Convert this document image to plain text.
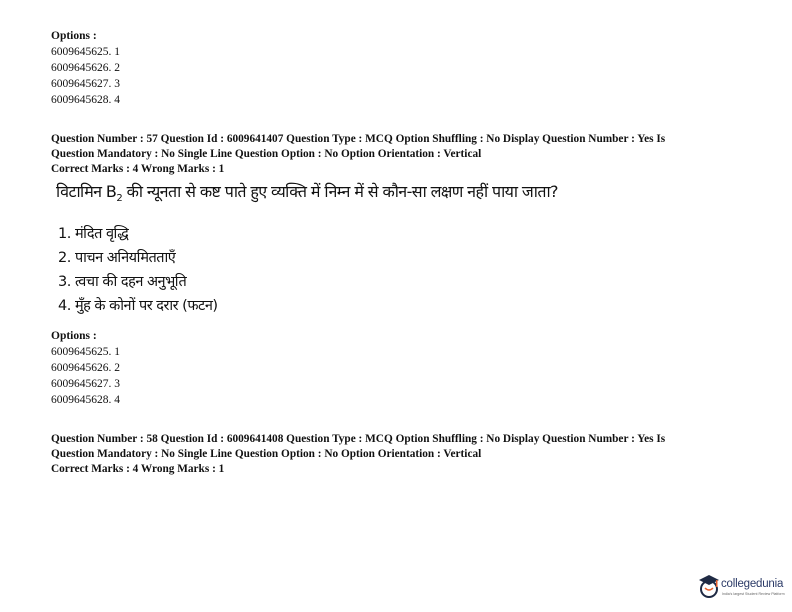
Options :
6009645625. 1
6009645626. 2
6009645627. 3
6009645628. 4
Question Number : 57 Question Id : 6009641407 Question Type : MCQ Option Shuffling : No Display Question Number : Yes Is
Question Mandatory : No Single Line Question Option : No Option Orientation : Vertical
Correct Marks : 4 Wrong Marks : 1
विटामिन $B_2$ की न्यूनता से कष्ट पाते हुए व्यक्ति में निम्न में से कौन-सा लक्षण नहीं पाया जाता?
1. मंदित वृद्धि
2. पाचन अनियमितताएँ
3. त्वचा की दहन अनुभूति
4. मुँह के कोनों पर दरार (फटन)
Options :
6009645625. 1
6009645626. 2
6009645627. 3
6009645628. 4
Question Number : 58 Question Id : 6009641408 Question Type : MCQ Option Shuffling : No Display Question Number : Yes Is
Question Mandatory : No Single Line Question Option : No Option Orientation : Vertical
Correct Marks : 4 Wrong Marks : 1
collegedunia
India's largest Student Review Platform
